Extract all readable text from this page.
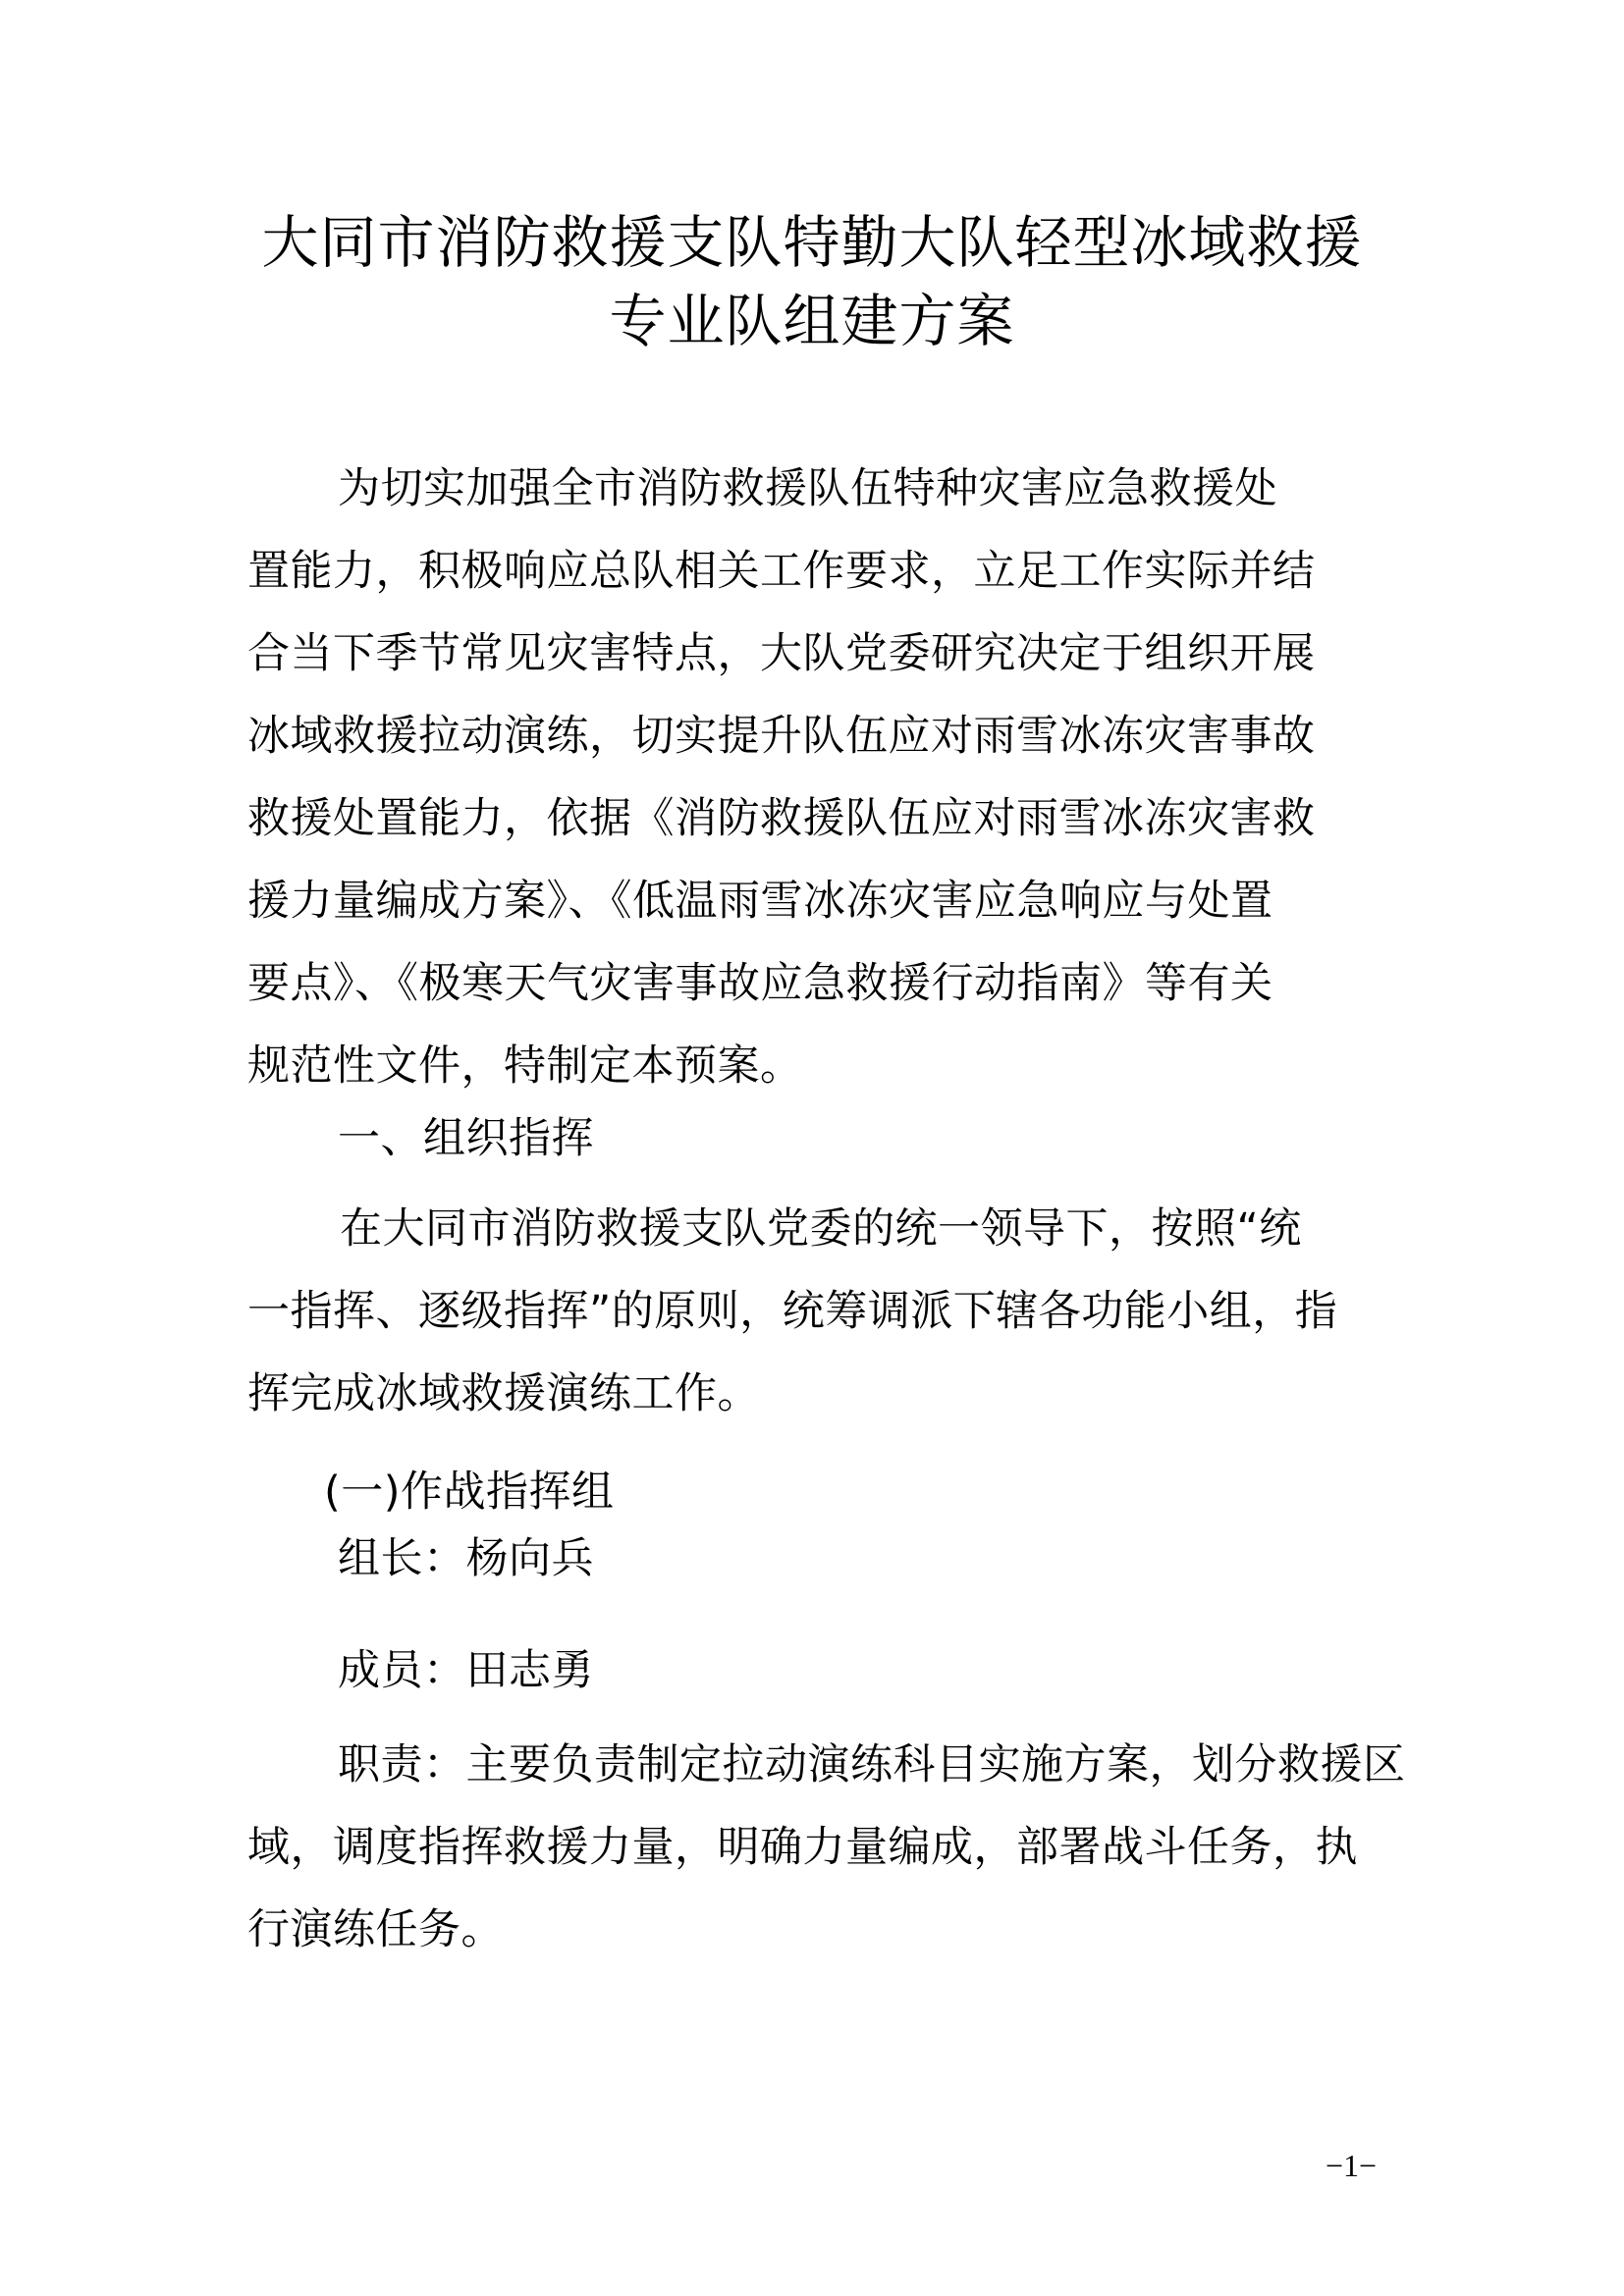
大同市消防救援支队特勤大队轻型冰域救援
专业队组建方案
为切实加强全市消防救援队伍特种灾害应急救援处
置能力，积极响应总队相关工作要求，立足工作实际并结
合当下季节常见灾害特点，大队党委研究决定于组织开展
冰域救援拉动演练，切实提升队伍应对雨雪冰冻灾害事故
救援处置能力，依据《消防救援队伍应对雨雪冰冻灾害救
援力量编成方案》、《低温雨雪冰冻灾害应急响应与处置
要点》、《极寒天气灾害事故应急救援行动指南》等有关
规范性文件，特制定本预案。
一、组织指挥
在大同市消防救援支队党委的统一领导下，按照“统
一指挥、逐级指挥”的原则，统筹调派下辖各功能小组，指
挥完成冰域救援演练工作。
(一)作战指挥组
组长：杨向兵
成员：田志勇
职责：主要负责制定拉动演练科目实施方案，划分救援区
域，调度指挥救援力量，明确力量编成，部署战斗任务，执
行演练任务。
−1−
